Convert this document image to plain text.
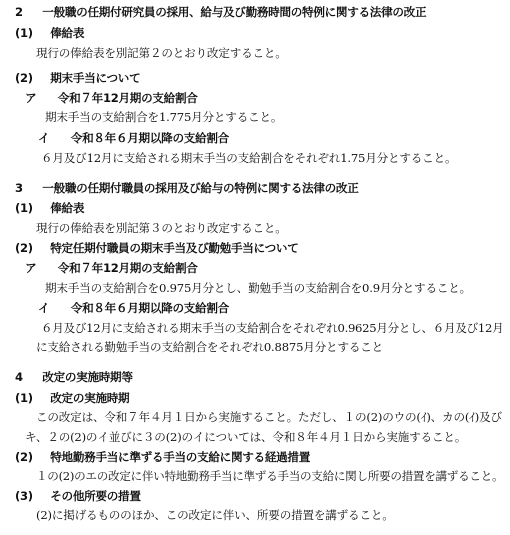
2 一般職の任期付研究員の採用、給与及び勤務時間の特例に関する法律の改正
(1) 俸給表
現行の俸給表を別記第２のとおり改定すること。
(2) 期末手当について
ア 令和７年12月期の支給割合
期末手当の支給割合を1.775月分とすること。
イ 令和８年６月期以降の支給割合
６月及び12月に支給される期末手当の支給割合をそれぞれ1.75月分とすること。
3 一般職の任期付職員の採用及び給与の特例に関する法律の改正
(1) 俸給表
現行の俸給表を別記第３のとおり改定すること。
(2) 特定任期付職員の期末手当及び勤勉手当について
ア 令和７年12月期の支給割合
期末手当の支給割合を0.975月分とし、勤勉手当の支給割合を0.9月分とすること。
イ 令和８年６月期以降の支給割合
６月及び12月に支給される期末手当の支給割合をそれぞれ0.9625月分とし、６月及び12月
に支給される勤勉手当の支給割合をそれぞれ0.8875月分とすること
4 改定の実施時期等
(1) 改定の実施時期
この改定は、令和７年４月１日から実施すること。ただし、１の(2)のウの(ｲ)、カの(ｲ)及び
キ、２の(2)のイ並びに３の(2)のイについては、令和８年４月１日から実施すること。
(2) 特地勤務手当に準ずる手当の支給に関する経過措置
１の(2)のエの改定に伴い特地勤務手当に準ずる手当の支給に関し所要の措置を講ずること。
(3) その他所要の措置
(2)に掲げるもののほか、この改定に伴い、所要の措置を講ずること。
